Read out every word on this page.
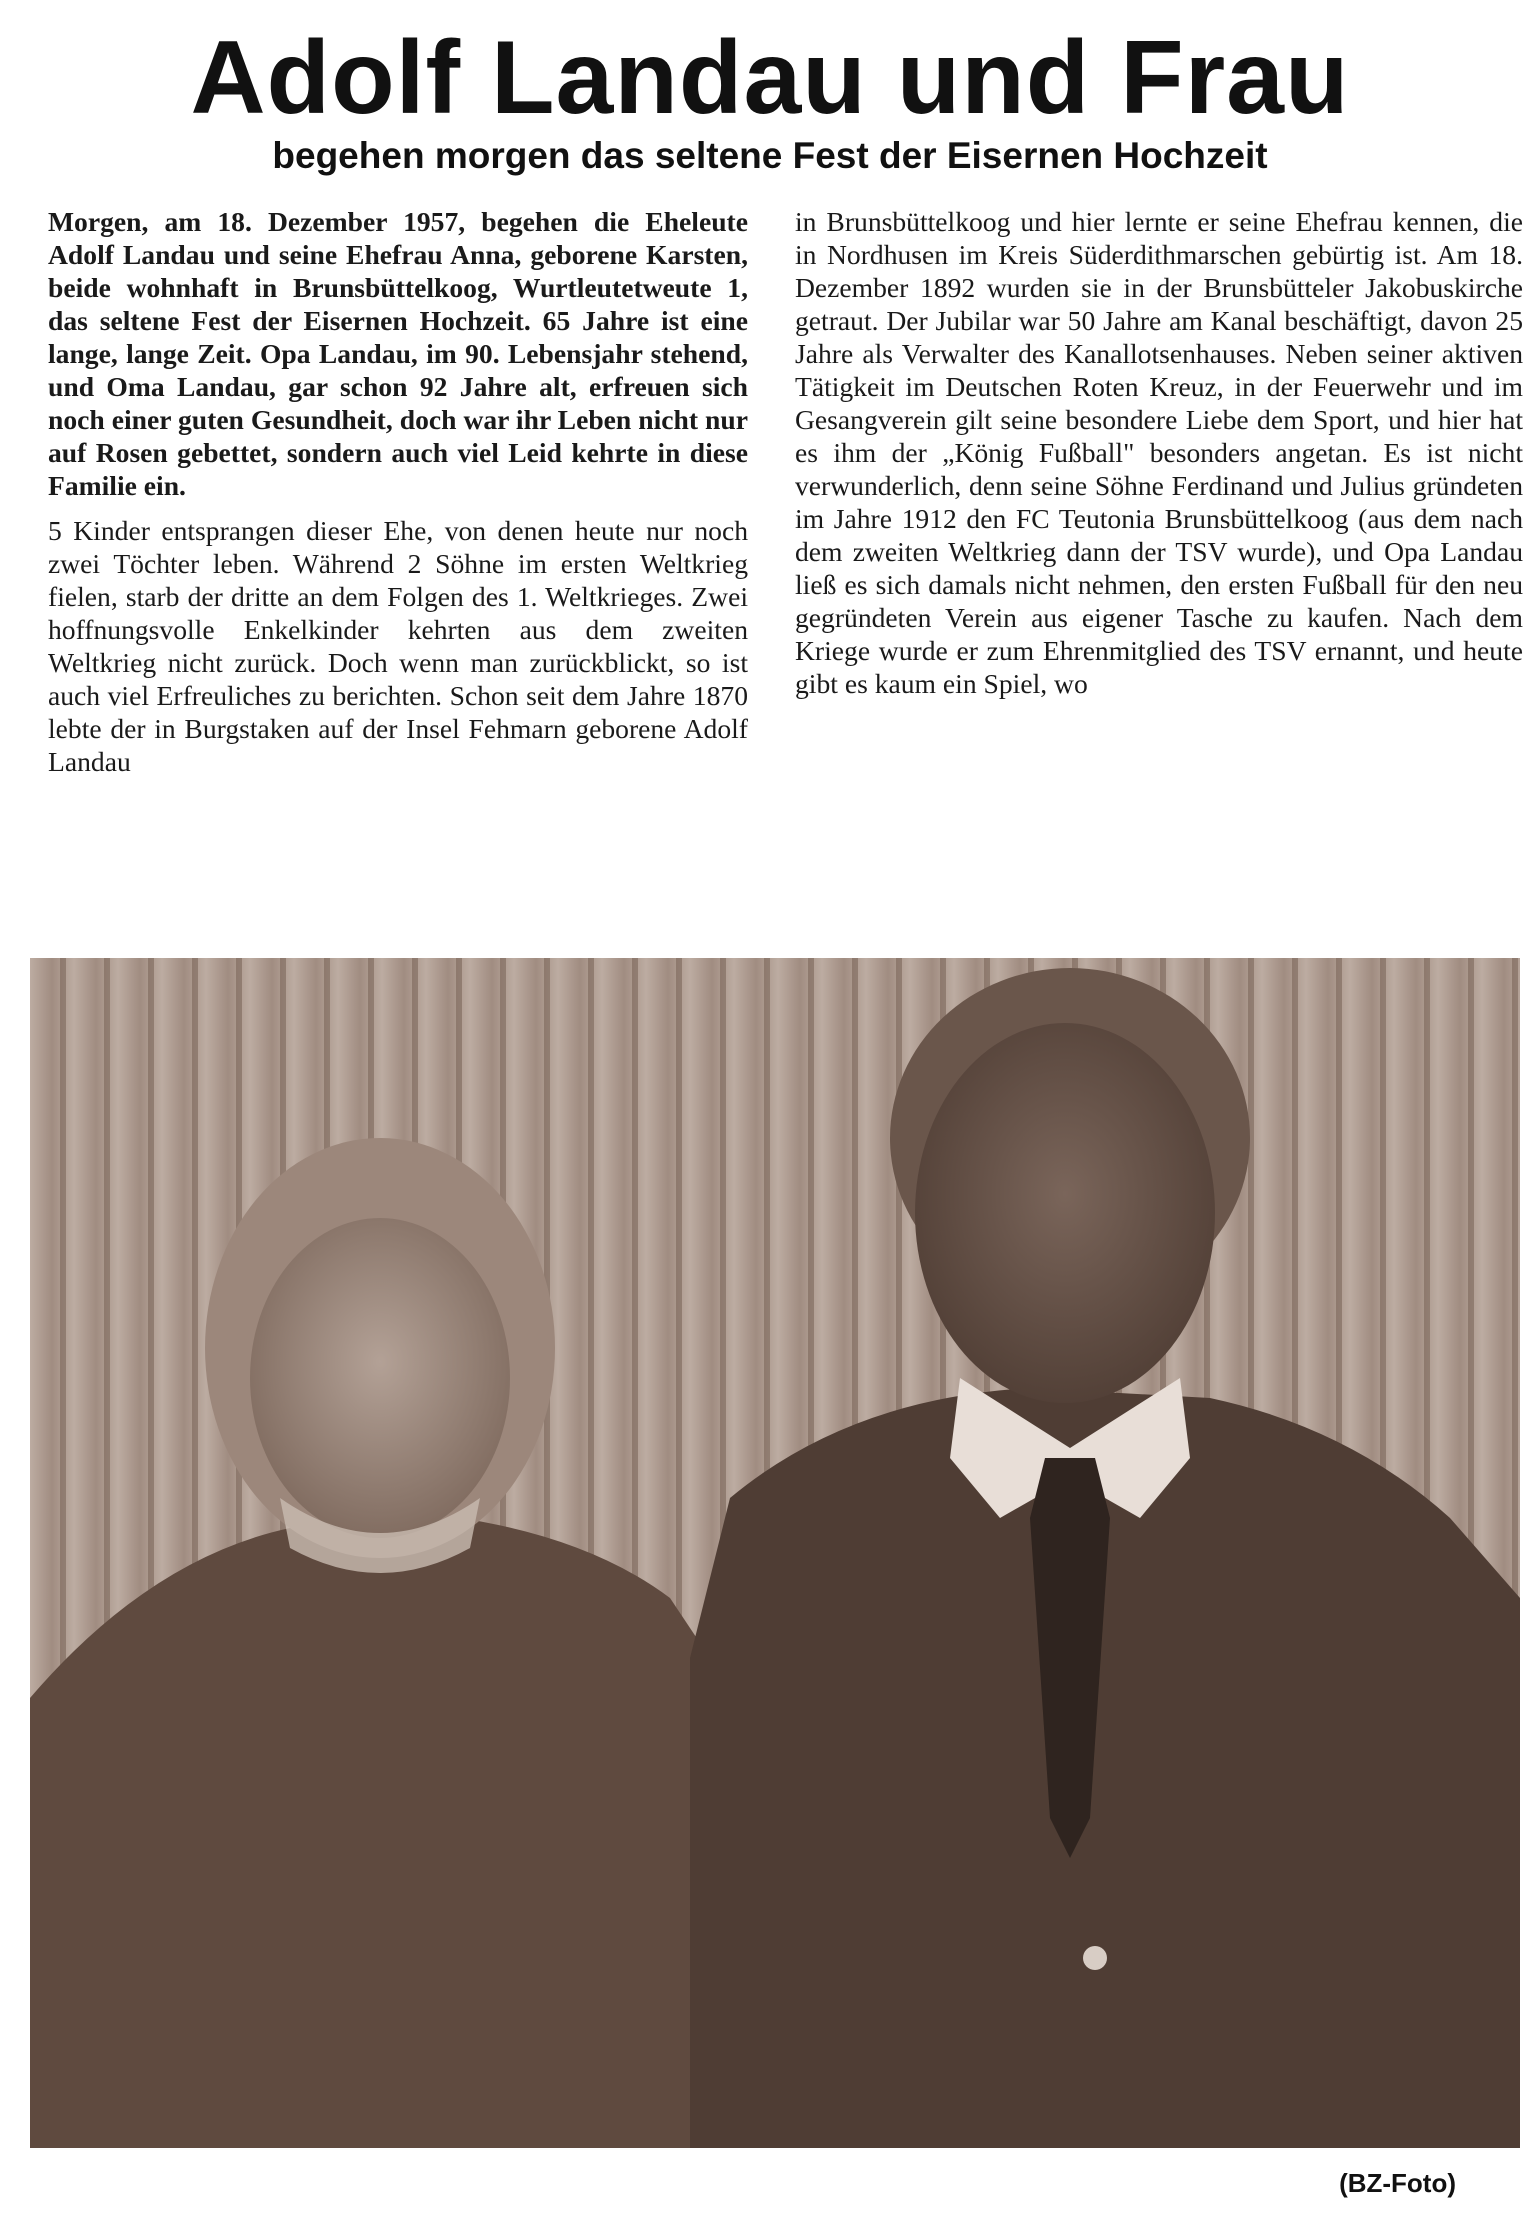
Adolf Landau und Frau
begehen morgen das seltene Fest der Eisernen Hochzeit

Morgen, am 18. Dezember 1957, begehen die Eheleute Adolf Landau und seine Ehefrau Anna, geborene Karsten, beide wohnhaft in Brunsbüttelkoog, Wurtleutetweute 1, das seltene Fest der Eisernen Hochzeit. 65 Jahre ist eine lange, lange Zeit. Opa Landau, im 90. Lebensjahr stehend, und Oma Landau, gar schon 92 Jahre alt, erfreuen sich noch einer guten Gesundheit, doch war ihr Leben nicht nur auf Rosen gebettet, sondern auch viel Leid kehrte in diese Familie ein.

5 Kinder entsprangen dieser Ehe, von denen heute nur noch zwei Töchter leben. Während 2 Söhne im ersten Weltkrieg fielen, starb der dritte an dem Folgen des 1. Weltkrieges. Zwei hoffnungsvolle Enkelkinder kehrten aus dem zweiten Weltkrieg nicht zurück. Doch wenn man zurückblickt, so ist auch viel Erfreuliches zu berichten. Schon seit dem Jahre 1870 lebte der in Burgstaken auf der Insel Fehmarn geborene Adolf Landau

in Brunsbüttelkoog und hier lernte er seine Ehefrau kennen, die in Nordhusen im Kreis Süderdithmarschen gebürtig ist. Am 18. Dezember 1892 wurden sie in der Brunsbütteler Jakobuskirche getraut. Der Jubilar war 50 Jahre am Kanal beschäftigt, davon 25 Jahre als Verwalter des Kanallotsenhauses. Neben seiner aktiven Tätigkeit im Deutschen Roten Kreuz, in der Feuerwehr und im Gesangverein gilt seine besondere Liebe dem Sport, und hier hat es ihm der „König Fußball" besonders angetan. Es ist nicht verwunderlich, denn seine Söhne Ferdinand und Julius gründeten im Jahre 1912 den FC Teutonia Brunsbüttelkoog (aus dem nach dem zweiten Weltkrieg dann der TSV wurde), und Opa Landau ließ es sich damals nicht nehmen, den ersten Fußball für den neu gegründeten Verein aus eigener Tasche zu kaufen. Nach dem Kriege wurde er zum Ehrenmitglied des TSV ernannt, und heute gibt es kaum ein Spiel, wo

(BZ-Foto)
